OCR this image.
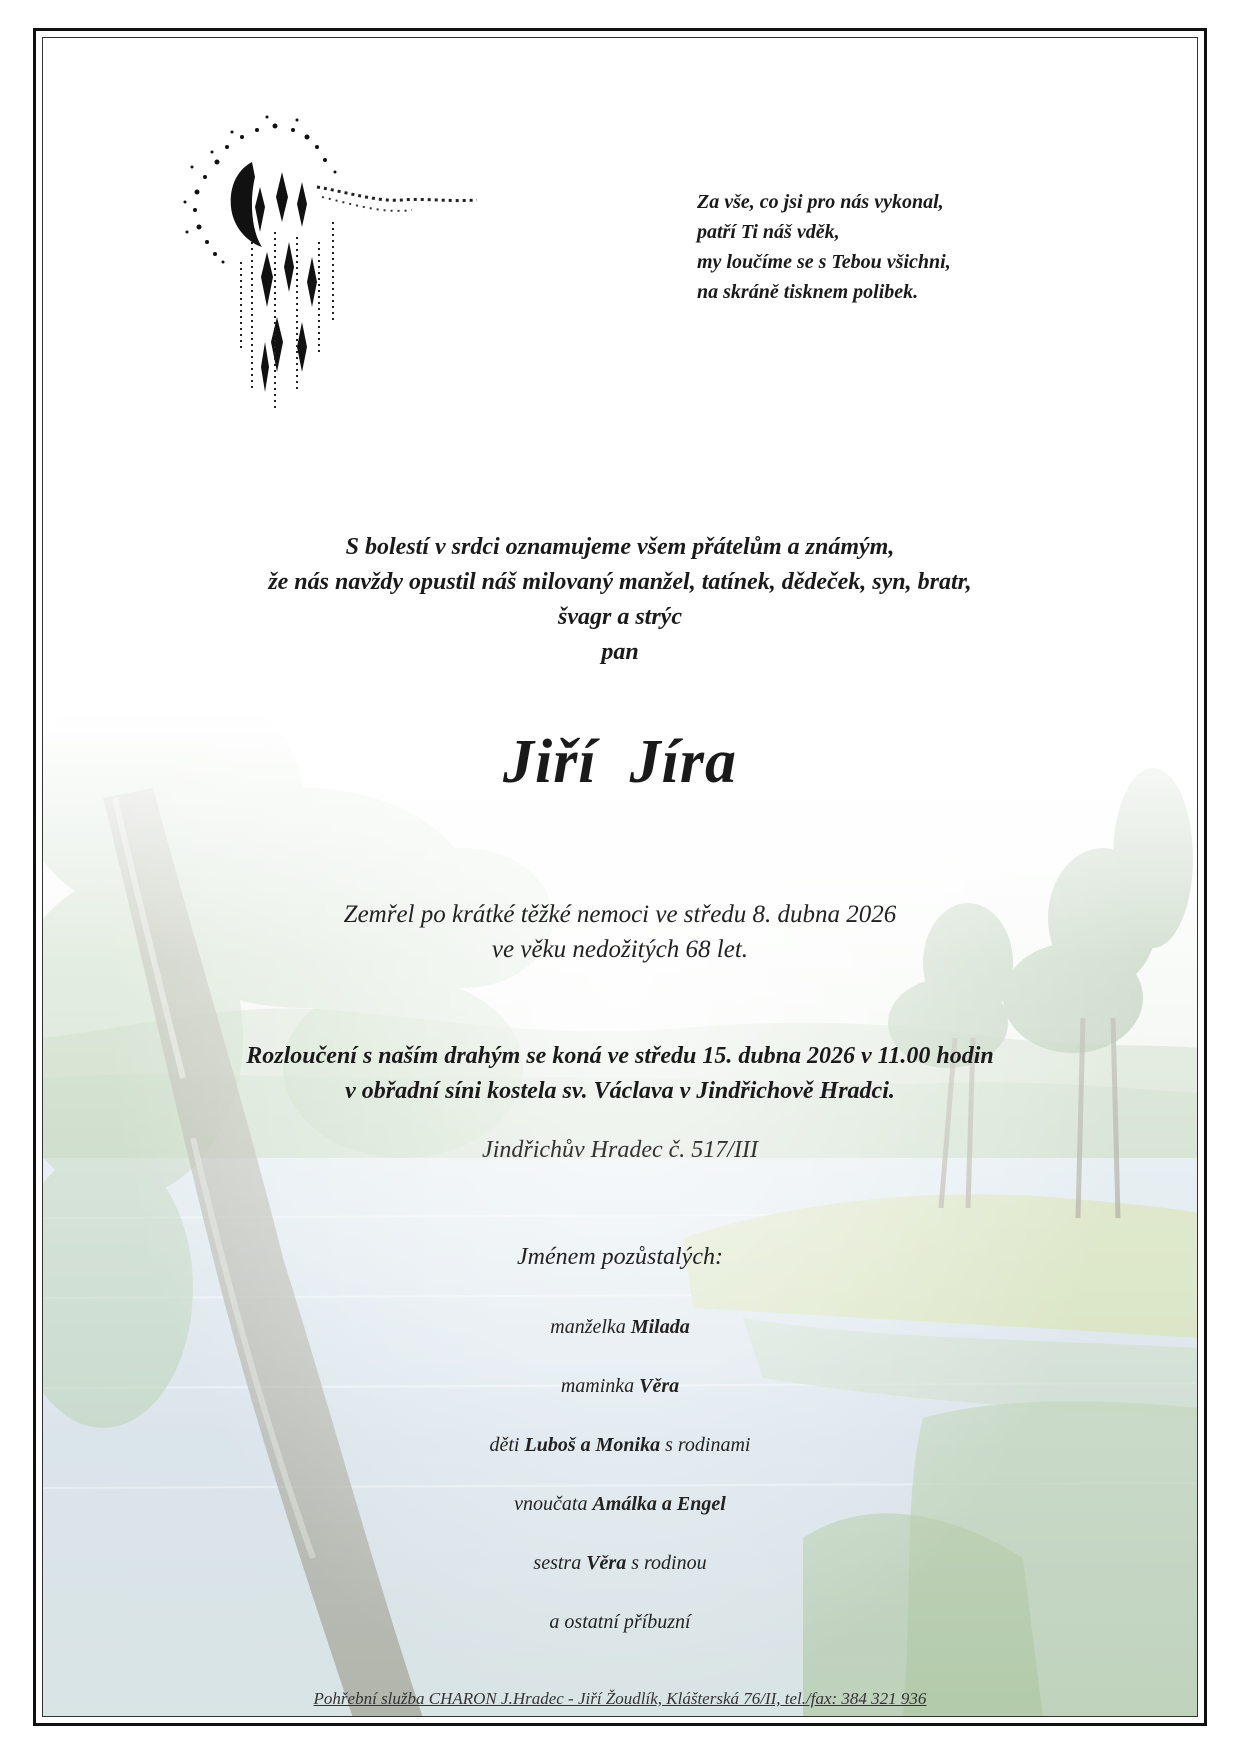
Za vše, co jsi pro nás vykonal,
patří Ti náš vděk,
my loučíme se s Tebou všichni,
na skráně tisknem polibek.
S bolestí v srdci oznamujeme všem přátelům a známým,
že nás navždy opustil náš milovaný manžel, tatínek, dědeček, syn, bratr,
švagr a strýc
pan
Jiří  Jíra
Zemřel po krátké těžké nemoci ve středu 8. dubna 2026
ve věku nedožitých 68 let.
Rozloučení s naším drahým se koná ve středu 15. dubna 2026 v 11.00 hodin
v obřadní síni kostela sv. Václava v Jindřichově Hradci.
Jindřichův Hradec č. 517/III
Jménem pozůstalých:
manželka Milada
maminka Věra
děti Luboš a Monika s rodinami
vnoučata Amálka a Engel
sestra Věra s rodinou
a ostatní příbuzní
Pohřební služba CHARON J.Hradec - Jiří Žoudlík, Klášterská 76/II, tel./fax: 384 321 936
